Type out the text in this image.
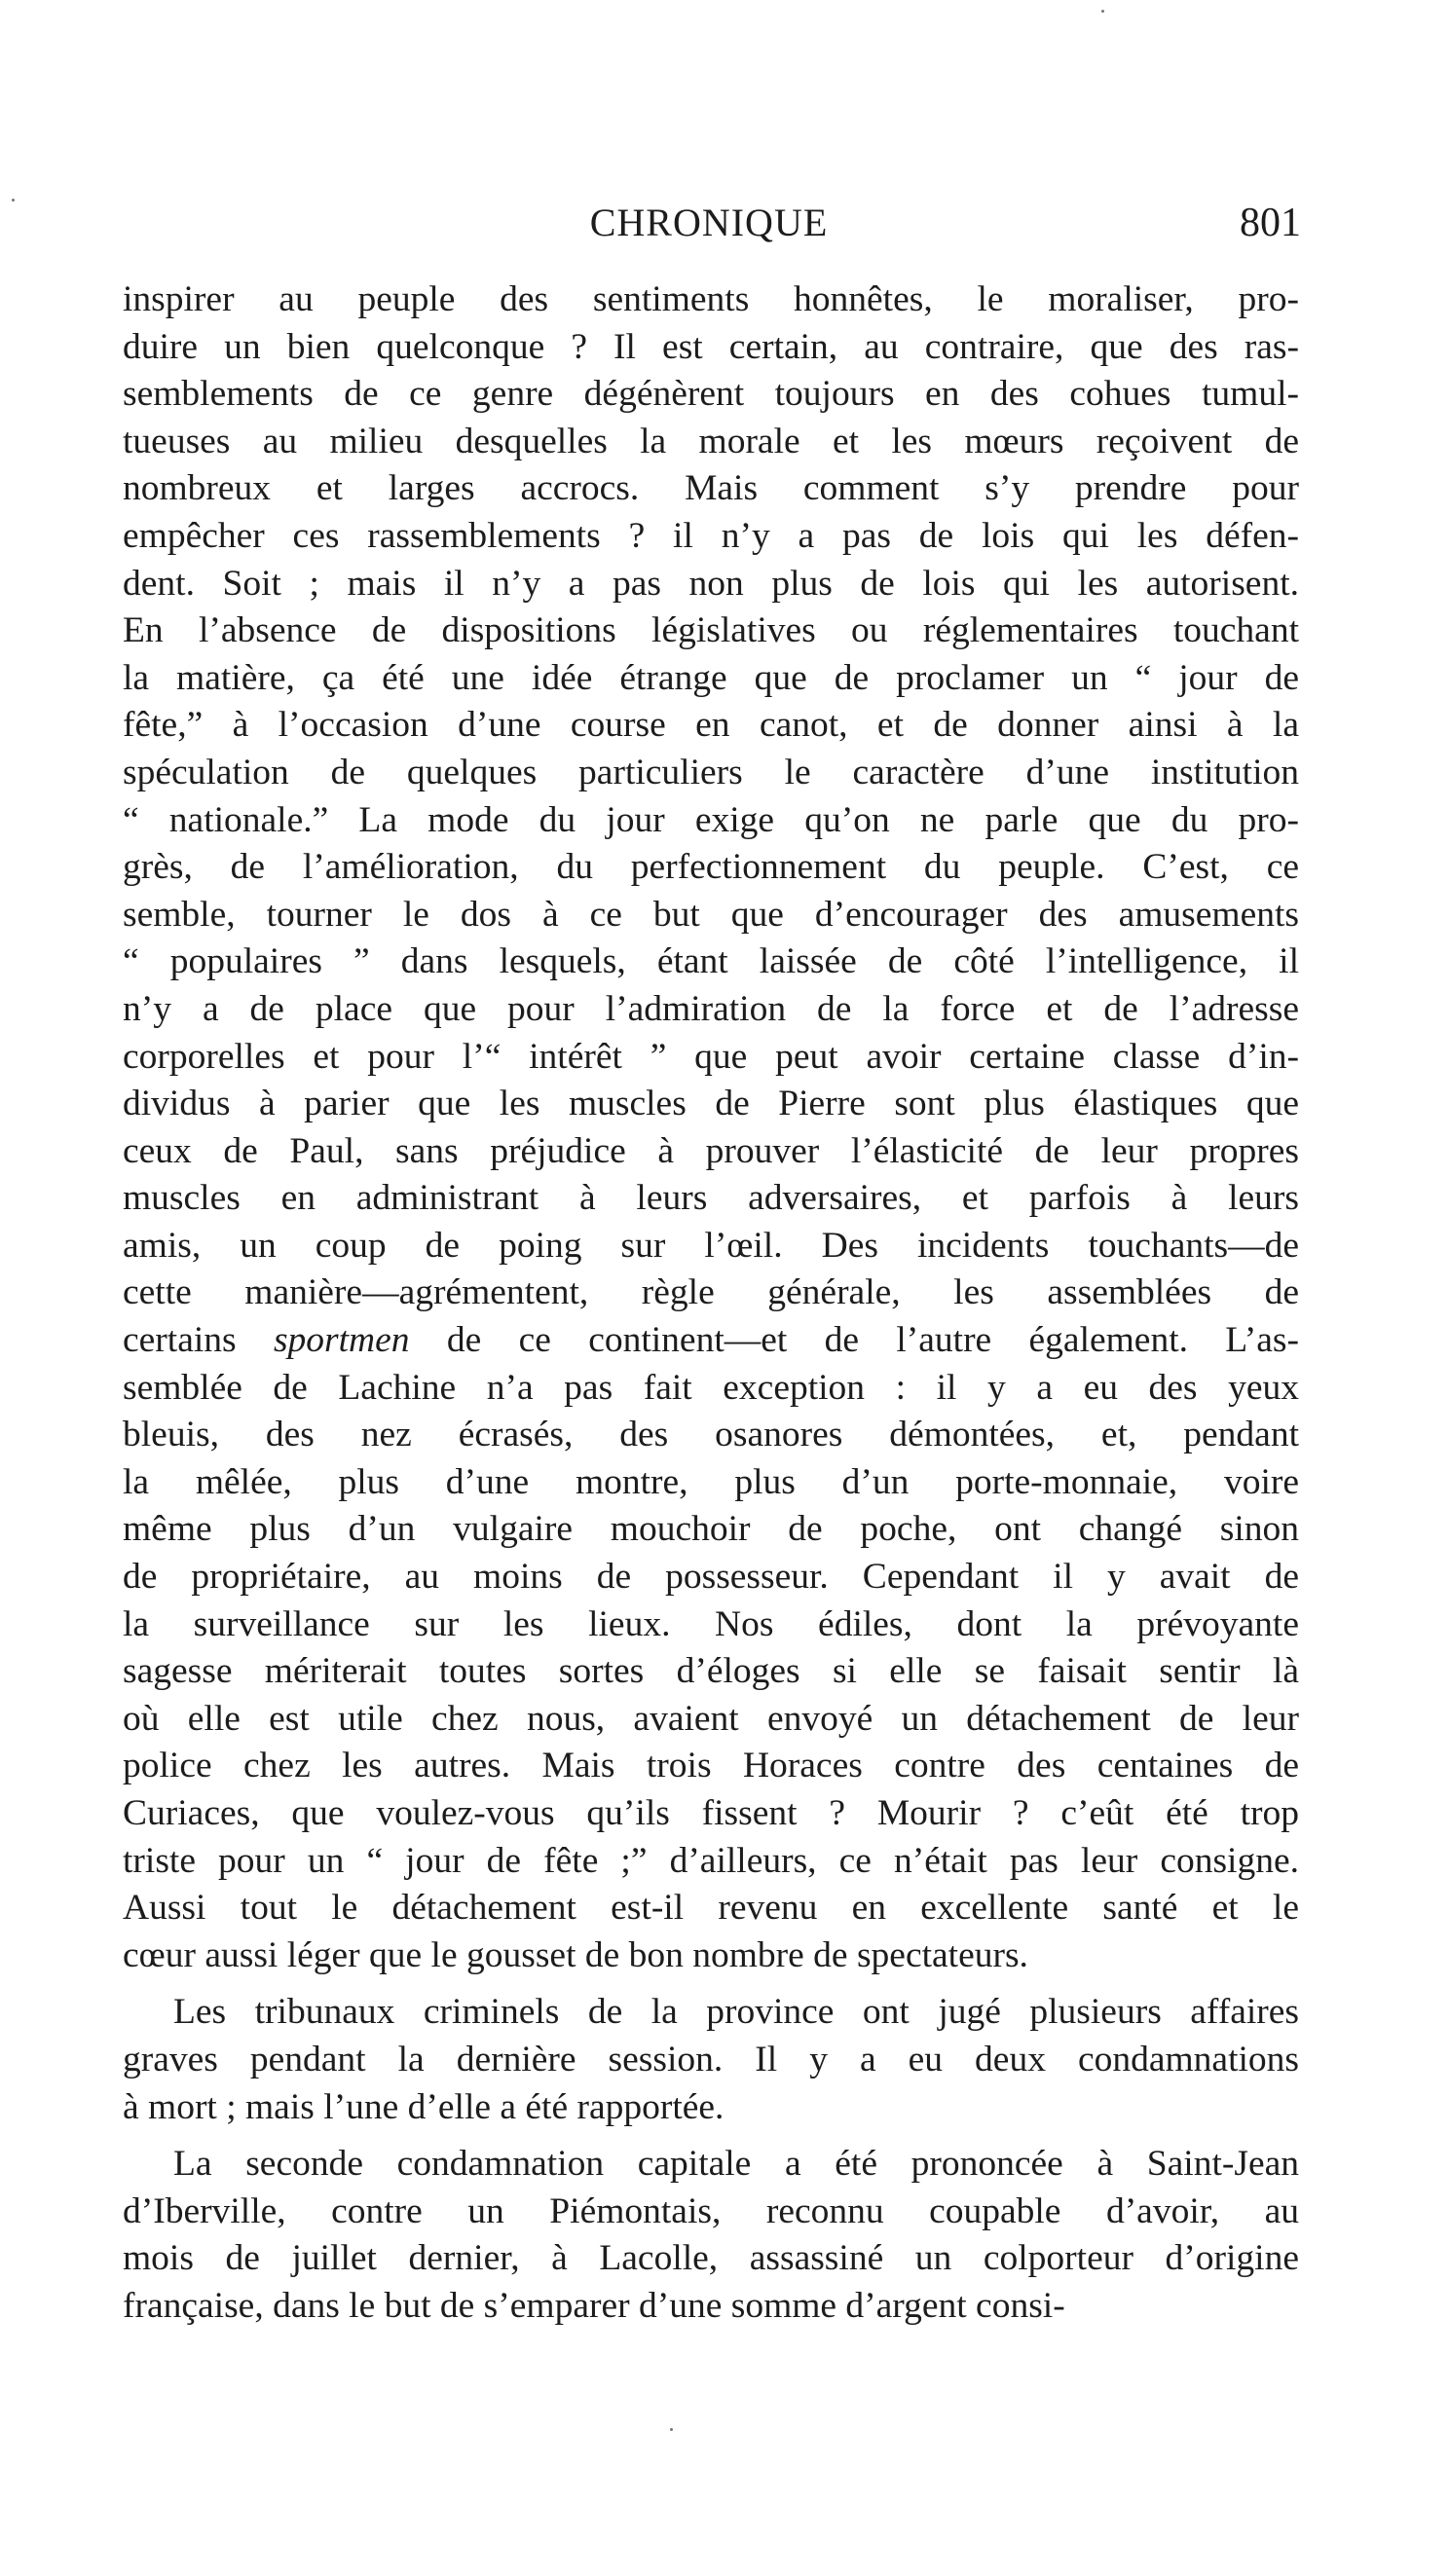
CHRONIQUE	801

inspirer au peuple des sentiments honnêtes, le moraliser, pro-
duire un bien quelconque ? Il est certain, au contraire, que des ras-
semblements de ce genre dégénèrent toujours en des cohues tumul-
tueuses au milieu desquelles la morale et les mœurs reçoivent de
nombreux et larges accrocs. Mais comment s’y prendre pour
empêcher ces rassemblements ? il n’y a pas de lois qui les défen-
dent. Soit ; mais il n’y a pas non plus de lois qui les autorisent.
En l’absence de dispositions législatives ou réglementaires touchant
la matière, ça été une idée étrange que de proclamer un “ jour de
fête,” à l’occasion d’une course en canot, et de donner ainsi à la
spéculation de quelques particuliers le caractère d’une institution
“ nationale.” La mode du jour exige qu’on ne parle que du pro-
grès, de l’amélioration, du perfectionnement du peuple. C’est, ce
semble, tourner le dos à ce but que d’encourager des amusements
“ populaires ” dans lesquels, étant laissée de côté l’intelligence, il
n’y a de place que pour l’admiration de la force et de l’adresse
corporelles et pour l’“ intérêt ” que peut avoir certaine classe d’in-
dividus à parier que les muscles de Pierre sont plus élastiques que
ceux de Paul, sans préjudice à prouver l’élasticité de leur propres
muscles en administrant à leurs adversaires, et parfois à leurs
amis, un coup de poing sur l’œil. Des incidents touchants—de
cette manière—agrémentent, règle générale, les assemblées de
certains sportmen de ce continent—et de l’autre également. L’as-
semblée de Lachine n’a pas fait exception : il y a eu des yeux
bleuis, des nez écrasés, des osanores démontées, et, pendant
la mêlée, plus d’une montre, plus d’un porte-monnaie, voire
même plus d’un vulgaire mouchoir de poche, ont changé sinon
de propriétaire, au moins de possesseur. Cependant il y avait de
la surveillance sur les lieux. Nos édiles, dont la prévoyante
sagesse mériterait toutes sortes d’éloges si elle se faisait sentir là
où elle est utile chez nous, avaient envoyé un détachement de leur
police chez les autres. Mais trois Horaces contre des centaines de
Curiaces, que voulez-vous qu’ils fissent ? Mourir ? c’eût été trop
triste pour un “ jour de fête ;” d’ailleurs, ce n’était pas leur consigne.
Aussi tout le détachement est-il revenu en excellente santé et le
cœur aussi léger que le gousset de bon nombre de spectateurs.

Les tribunaux criminels de la province ont jugé plusieurs affaires
graves pendant la dernière session. Il y a eu deux condamnations
à mort ; mais l’une d’elle a été rapportée.

La seconde condamnation capitale a été prononcée à Saint-Jean
d’Iberville, contre un Piémontais, reconnu coupable d’avoir, au
mois de juillet dernier, à Lacolle, assassiné un colporteur d’origine
française, dans le but de s’emparer d’une somme d’argent consi-
